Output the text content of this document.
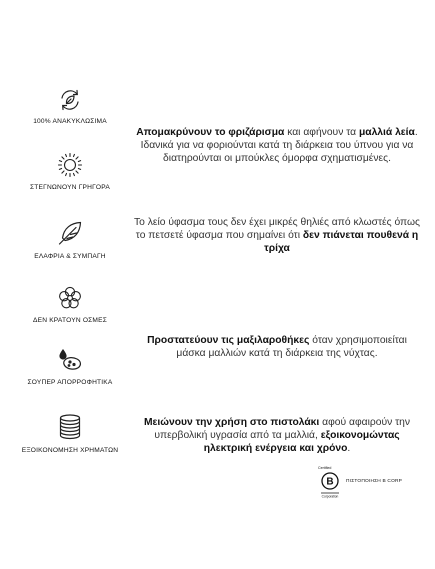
100% ΑΝΑΚΥΚΛΩΣΙΜΑ
ΣΤΕΓΝΩΝΟΥΝ ΓΡΗΓΟΡΑ
ΕΛΑΦΡΙΑ & ΣΥΜΠΑΓΗ
ΔΕΝ ΚΡΑΤΟΥΝ ΟΣΜΕΣ
ΣΟΥΠΕΡ ΑΠΟΡΡΟΦΗΤΙΚΑ
ΕΞΟΙΚΟΝΟΜΗΣΗ ΧΡΗΜΑΤΩΝ
Απομακρύνουν το φριζάρισμα και αφήνουν τα μαλλιά λεία. Ιδανικά για να φοριούνται κατά τη διάρκεια του ύπνου για να διατηρούνται οι μπούκλες όμορφα σχηματισμένες.
Το λείο ύφασμα τους δεν έχει μικρές θηλιές από κλωστές όπως το πετσετέ ύφασμα που σημαίνει ότι δεν πιάνεται πουθενά η τρίχα
Προστατεύουν τις μαξιλαροθήκες όταν χρησιμοποιείται μάσκα μαλλιών κατά τη διάρκεια της νύχτας.
Μειώνουν την χρήση στο πιστολάκι αφού αφαιρούν την υπερβολική υγρασία από τα μαλλιά, εξοικονομώντας ηλεκτρική ενέργεια και χρόνο.
Certified
B
Corporation
ΠΙΣΤΟΠΟΙΗΣΗ B CORP
